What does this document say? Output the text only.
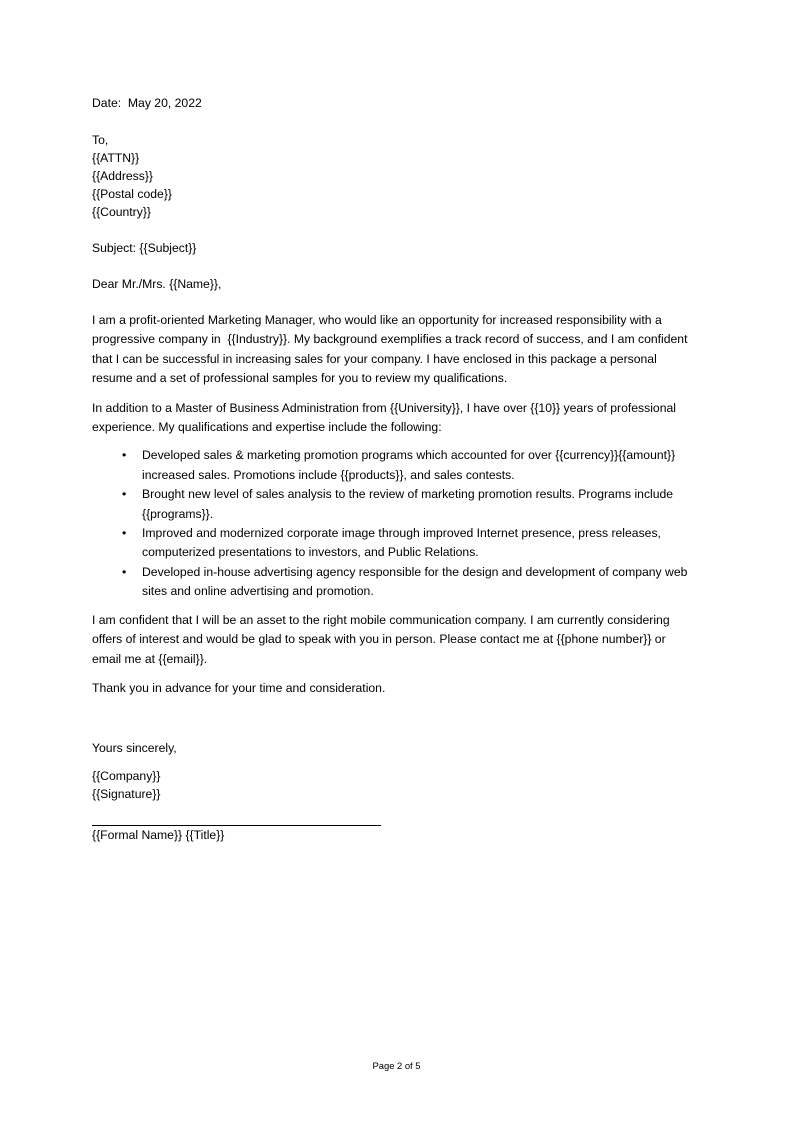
Date:  May 20, 2022
To,
{{ATTN}}
{{Address}}
{{Postal code}}
{{Country}}
Subject: {{Subject}}
Dear Mr./Mrs. {{Name}},

I am a profit-oriented Marketing Manager, who would like an opportunity for increased responsibility with a progressive company in  {{Industry}}. My background exemplifies a track record of success, and I am confident that I can be successful in increasing sales for your company. I have enclosed in this package a personal resume and a set of professional samples for you to review my qualifications.

In addition to a Master of Business Administration from {{University}}, I have over {{10}} years of professional experience. My qualifications and expertise include the following:

• Developed sales & marketing promotion programs which accounted for over {{currency}}{{amount}} increased sales. Promotions include {{products}}, and sales contests.
• Brought new level of sales analysis to the review of marketing promotion results. Programs include {{programs}}.
• Improved and modernized corporate image through improved Internet presence, press releases, computerized presentations to investors, and Public Relations.
• Developed in-house advertising agency responsible for the design and development of company web sites and online advertising and promotion.

I am confident that I will be an asset to the right mobile communication company. I am currently considering offers of interest and would be glad to speak with you in person. Please contact me at {{phone number}} or email me at {{email}}.

Thank you in advance for your time and consideration.

Yours sincerely,
{{Company}}
{{Signature}}
{{Formal Name}} {{Title}}
Page 2 of 5
